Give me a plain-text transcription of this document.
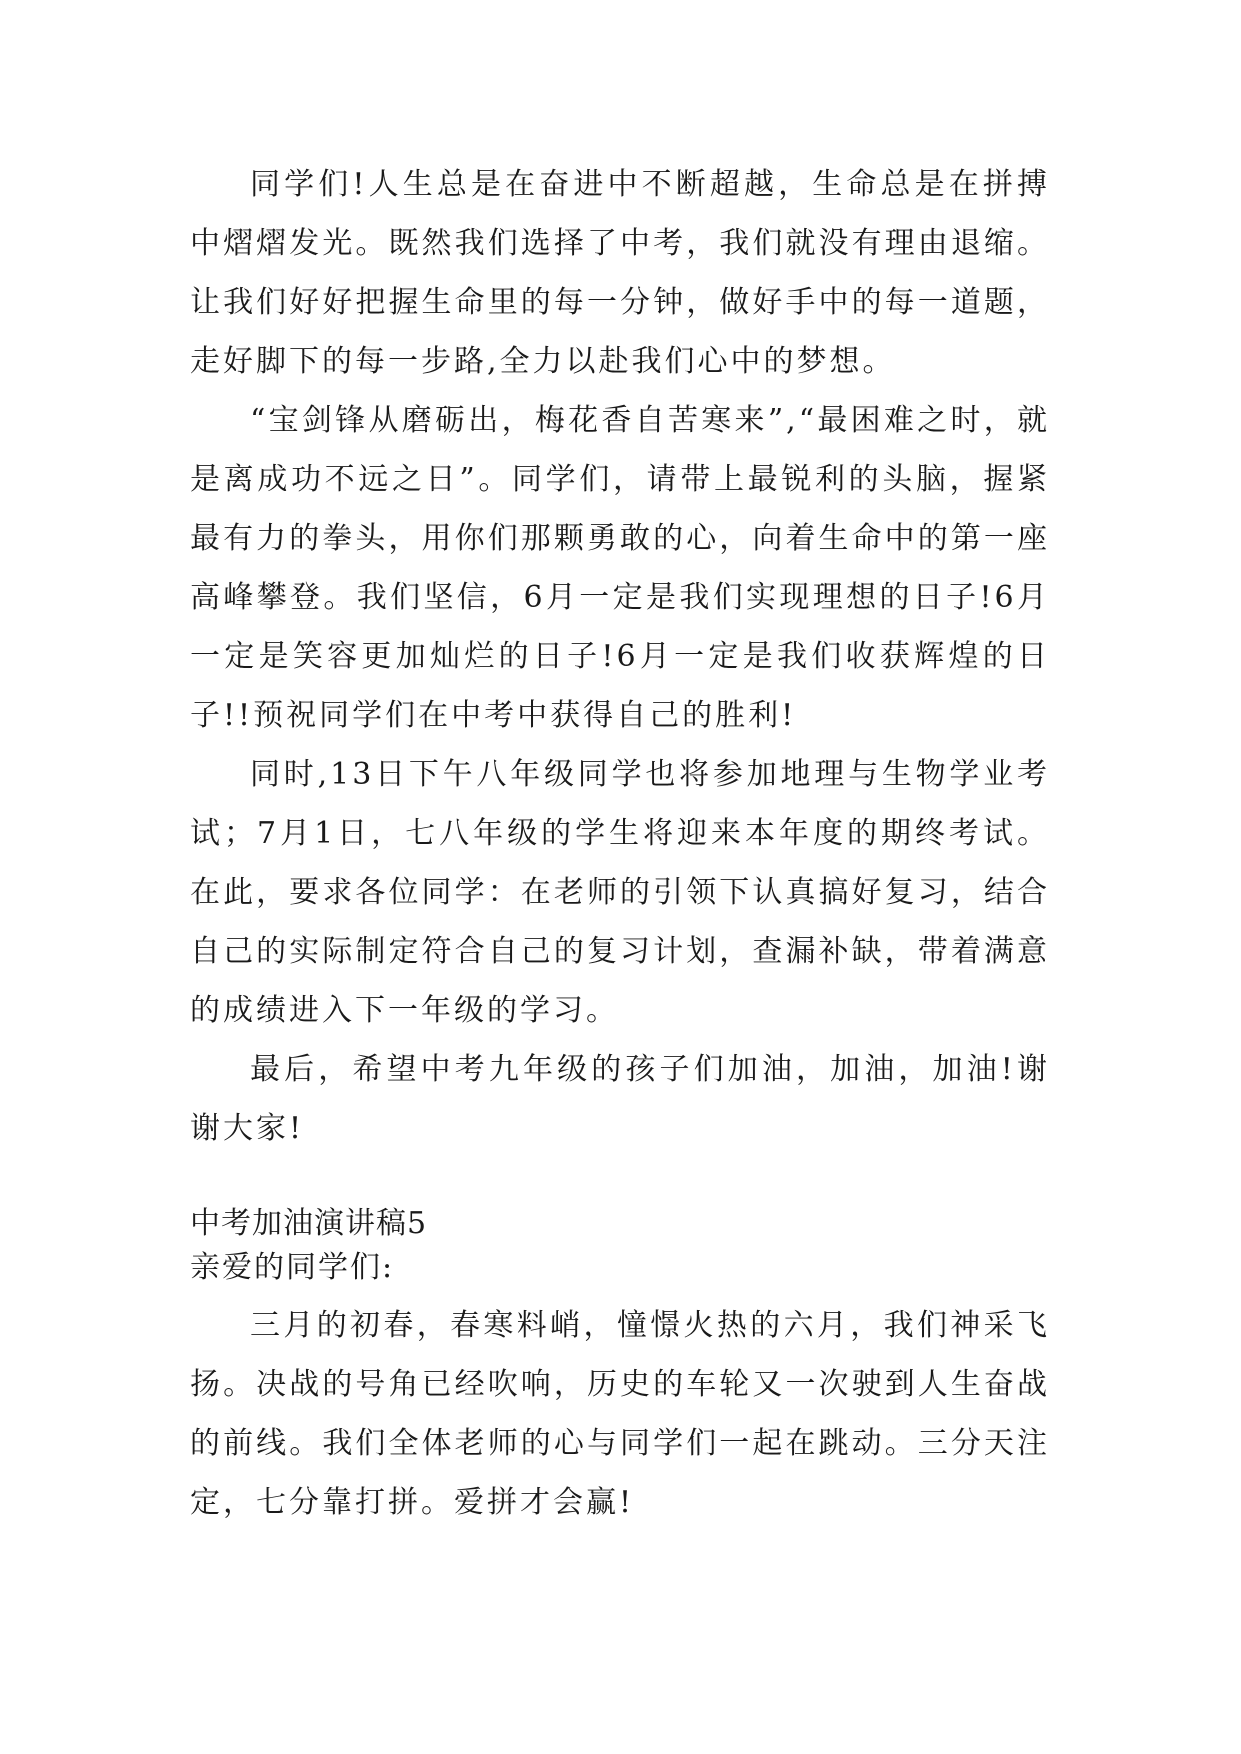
同学们!人生总是在奋进中不断超越，生命总是在拼搏中熠熠发光。既然我们选择了中考，我们就没有理由退缩。让我们好好把握生命里的每一分钟，做好手中的每一道题，走好脚下的每一步路,全力以赴我们心中的梦想。

“宝剑锋从磨砺出，梅花香自苦寒来”,“最困难之时，就是离成功不远之日”。同学们，请带上最锐利的头脑，握紧最有力的拳头，用你们那颗勇敢的心，向着生命中的第一座高峰攀登。我们坚信，6月一定是我们实现理想的日子!6月一定是笑容更加灿烂的日子!6月一定是我们收获辉煌的日子!!预祝同学们在中考中获得自己的胜利!

同时,13日下午八年级同学也将参加地理与生物学业考试；7月1日，七八年级的学生将迎来本年度的期终考试。在此，要求各位同学：在老师的引领下认真搞好复习，结合自己的实际制定符合自己的复习计划，查漏补缺，带着满意的成绩进入下一年级的学习。

最后，希望中考九年级的孩子们加油，加油，加油!谢谢大家!

中考加油演讲稿5

亲爱的同学们:

三月的初春，春寒料峭，憧憬火热的六月，我们神采飞扬。决战的号角已经吹响，历史的车轮又一次驶到人生奋战的前线。我们全体老师的心与同学们一起在跳动。三分天注定，七分靠打拼。爱拼才会赢!
